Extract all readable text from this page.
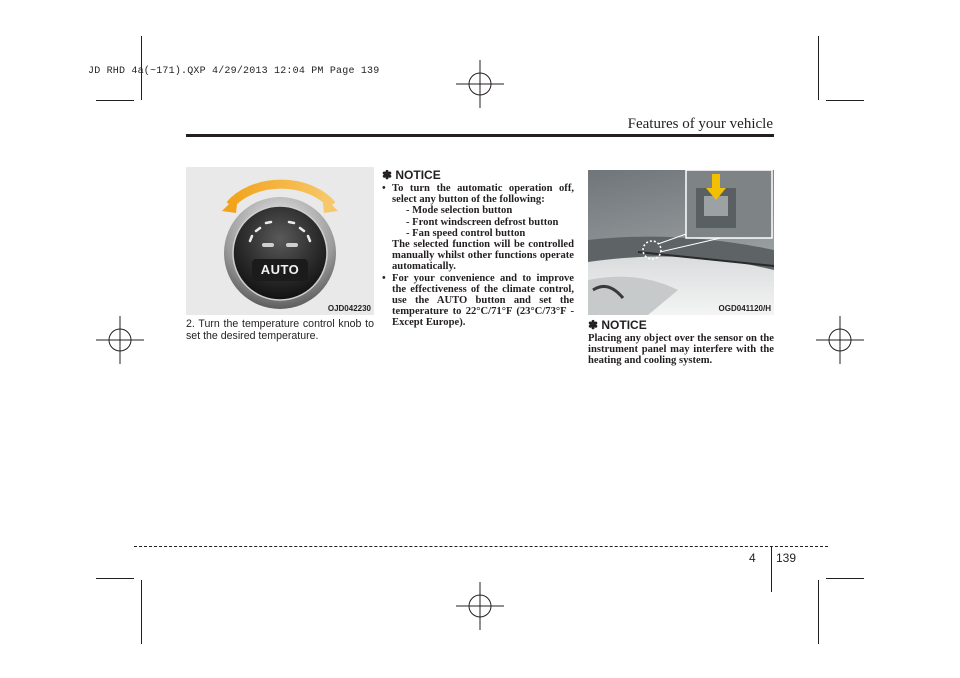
JD RHD 4a(~171).QXP 4/29/2013 12:04 PM Page 139
Features of your vehicle
AUTO
OJD042230
2. Turn the temperature control knob to set the desired temperature.
✽ NOTICE
• To turn the automatic operation off, select any button of the following:
- Mode selection button
- Front windscreen defrost button
- Fan speed control button
The selected function will be controlled manually whilst other functions operate automatically.
• For your convenience and to improve the effectiveness of the climate control, use the AUTO button and set the temperature to 22°C/71°F (23°C/73°F -Except Europe).
OGD041120/H
✽ NOTICE
Placing any object over the sensor on the instrument panel may interfere with the heating and cooling system.
4 139
